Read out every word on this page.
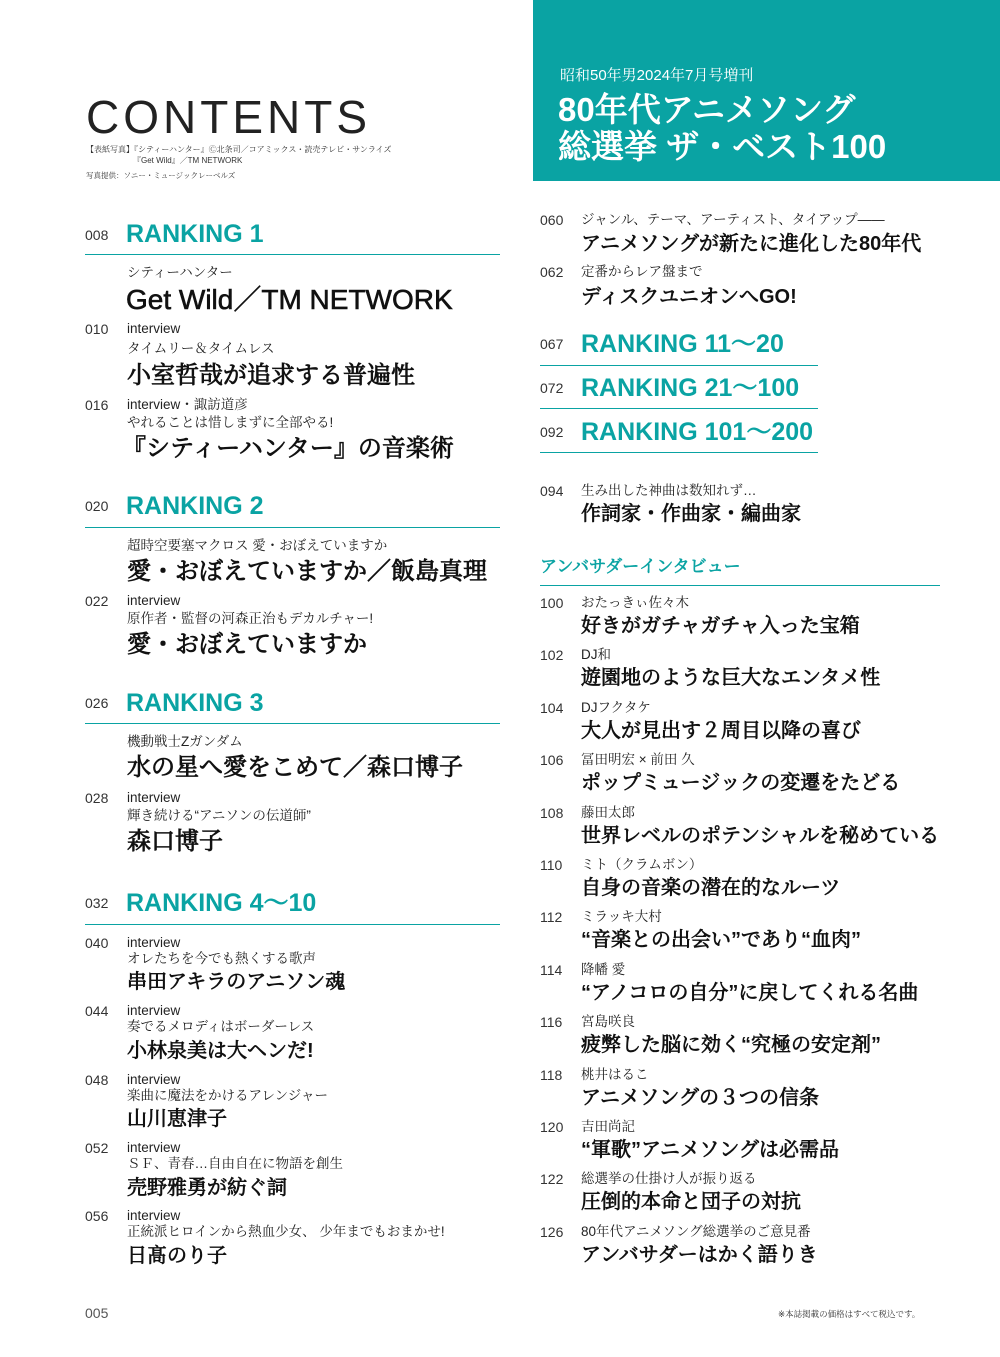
CONTENTS
【表紙写真】『シティーハンター』Ⓒ北条司／コアミックス・読売テレビ・サンライズ
『Get Wild』／TM NETWORK
写真提供：ソニー・ミュージックレーベルズ
昭和50年男2024年7月号増刊
80年代アニメソング
総選挙 ザ・ベスト100
008 RANKING 1
シティーハンター
Get Wild／TM NETWORK
010 interview
タイムリー＆タイムレス
小室哲哉が追求する普遍性
016 interview・諏訪道彦
やれることは惜しまずに全部やる!
『シティーハンター』の音楽術
020 RANKING 2
超時空要塞マクロス 愛・おぼえていますか
愛・おぼえていますか／飯島真理
022 interview
原作者・監督の河森正治もデカルチャー!
愛・おぼえていますか
026 RANKING 3
機動戦士Zガンダム
水の星へ愛をこめて／森口博子
028 interview
輝き続ける“アニソンの伝道師”
森口博子
032 RANKING 4～10
040 interview
オレたちを今でも熱くする歌声
串田アキラのアニソン魂
044 interview
奏でるメロディはボーダーレス
小林泉美は大ヘンだ!
048 interview
楽曲に魔法をかけるアレンジャー
山川恵津子
052 interview
ＳＦ、青春…自由自在に物語を創生
売野雅勇が紡ぐ詞
056 interview
正統派ヒロインから熱血少女、 少年までもおまかせ!
日髙のり子
060 ジャンル、テーマ、アーティスト、タイアップ――
アニメソングが新たに進化した80年代
062 定番からレア盤まで
ディスクユニオンへGO!
067 RANKING 11～20
072 RANKING 21～100
092 RANKING 101～200
094 生み出した神曲は数知れず…
作詞家・作曲家・編曲家
アンバサダーインタビュー
100 おたっきぃ佐々木
好きがガチャガチャ入った宝箱
102 DJ和
遊園地のような巨大なエンタメ性
104 DJフクタケ
大人が見出す２周目以降の喜び
106 冨田明宏 × 前田 久
ポップミュージックの変遷をたどる
108 藤田太郎
世界レベルのポテンシャルを秘めている
110 ミト（クラムボン）
自身の音楽の潜在的なルーツ
112 ミラッキ大村
“音楽との出会い”であり“血肉”
114 降幡 愛
“アノコロの自分”に戻してくれる名曲
116 宮島咲良
疲弊した脳に効く“究極の安定剤”
118 桃井はるこ
アニメソングの３つの信条
120 吉田尚記
“軍歌”アニメソングは必需品
122 総選挙の仕掛け人が振り返る
圧倒的本命と団子の対抗
126 80年代アニメソング総選挙のご意見番
アンバサダーはかく語りき
005	※本誌掲載の価格はすべて税込です。
